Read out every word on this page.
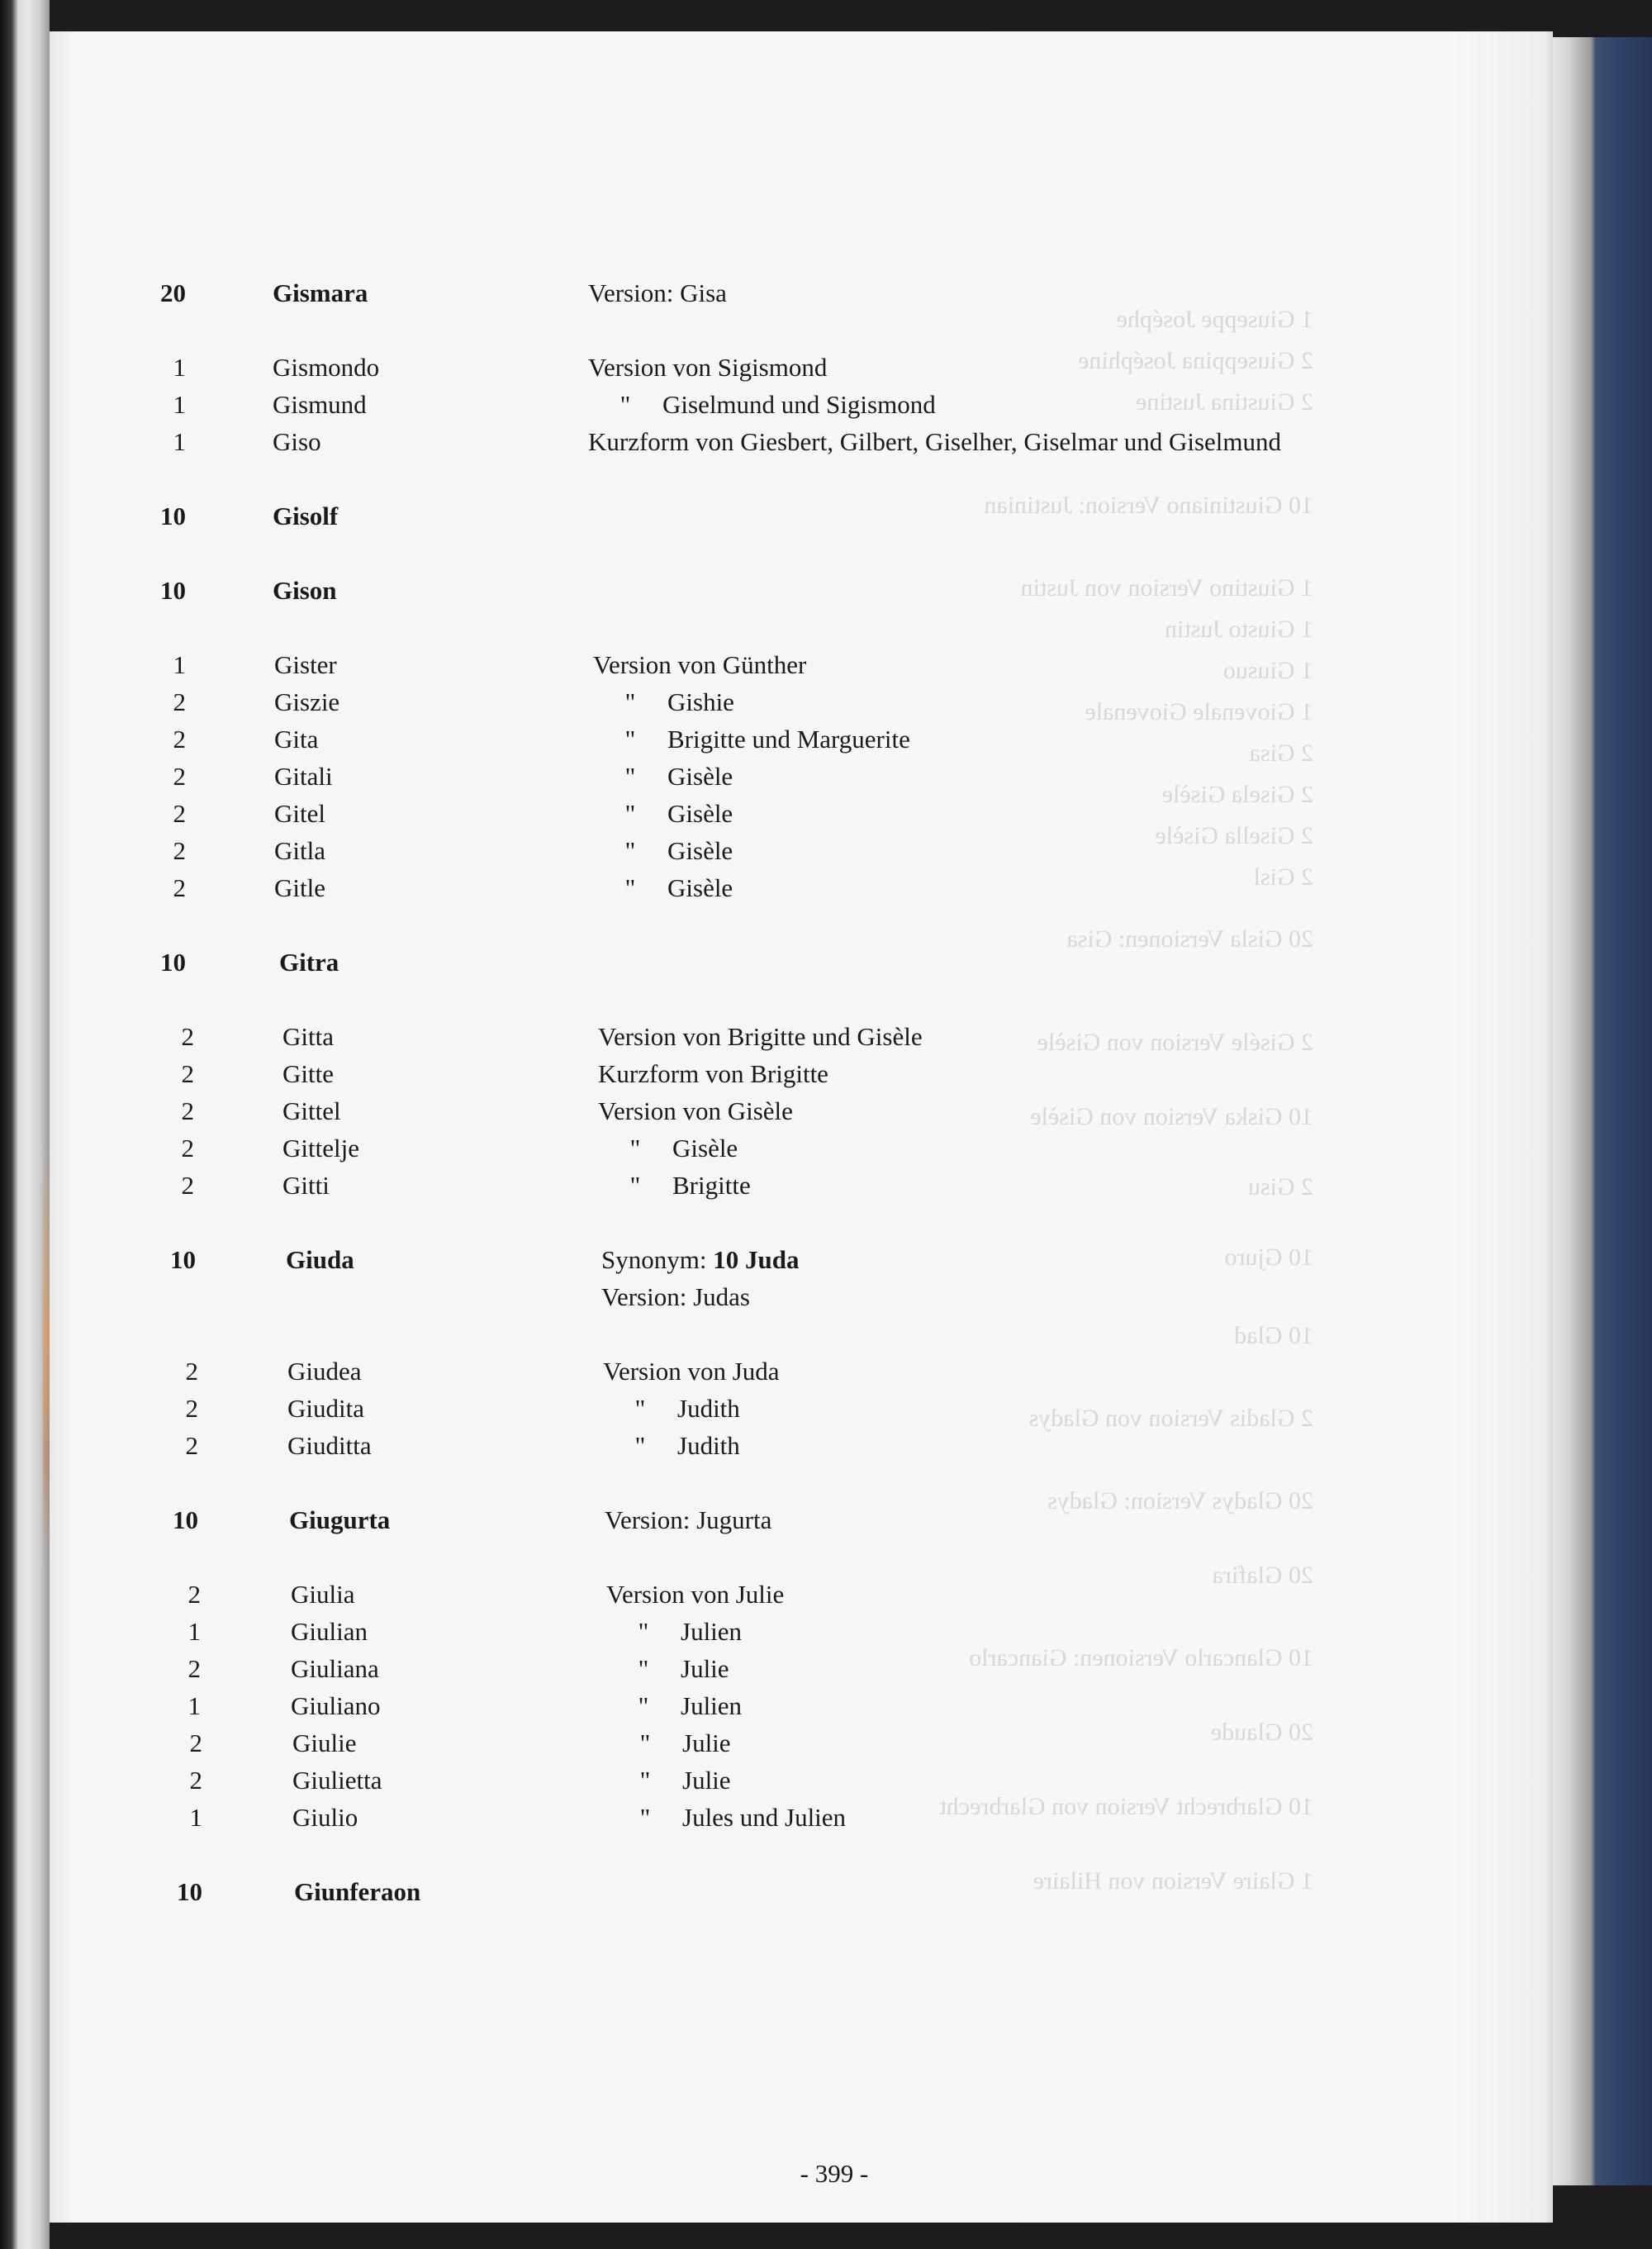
1 Giuseppe Joséphe
2 Giuseppina Joséphine
2 Giustina Justine
10 Giustiniano Version: Justinian
1 Giustino Version von Justin
1 Giusto Justin
1 Giusuo
1 Giovenale Giovenale
2 Gisa
2 Gisela Gisèle
2 Gisella Gisèle
2 Gisl
20 Gisla Versionen: Gisa
2 Giséle Version von Gisèle
10 Giska Version von Gisèle
2 Gisu
10 Gjuro
10 Glad
2 Gladis Version von Gladys
20 Gladys Version: Gladys
20 Glafira
10 Glancarlo Versionen: Giancarlo
20 Glaude
10 Glarbrecht Version von Glarbrecht
1 Glaire Version von Hilaire
20	Gismara	Version: Gisa
1	Gismondo	Version von Sigismond
1	Gismund	" Giselmund und Sigismond
1	Giso	Kurzform von Giesbert, Gilbert, Giselher, Giselmar und Giselmund
10	Gisolf
10	Gison
1	Gister	Version von Günther
2	Giszie	" Gishie
2	Gita	" Brigitte und Marguerite
2	Gitali	" Gisèle
2	Gitel	" Gisèle
2	Gitla	" Gisèle
2	Gitle	" Gisèle
10	Gitra
2	Gitta	Version von Brigitte und Gisèle
2	Gitte	Kurzform von Brigitte
2	Gittel	Version von Gisèle
2	Gittelje	" Gisèle
2	Gitti	" Brigitte
10	Giuda	Synonym: 10 Juda
Version: Judas
2	Giudea	Version von Juda
2	Giudita	" Judith
2	Giuditta	" Judith
10	Giugurta	Version: Jugurta
2	Giulia	Version von Julie
1	Giulian	" Julien
2	Giuliana	" Julie
1	Giuliano	" Julien
2	Giulie	" Julie
2	Giulietta	" Julie
1	Giulio	" Jules und Julien
10	Giunferaon
- 399 -
